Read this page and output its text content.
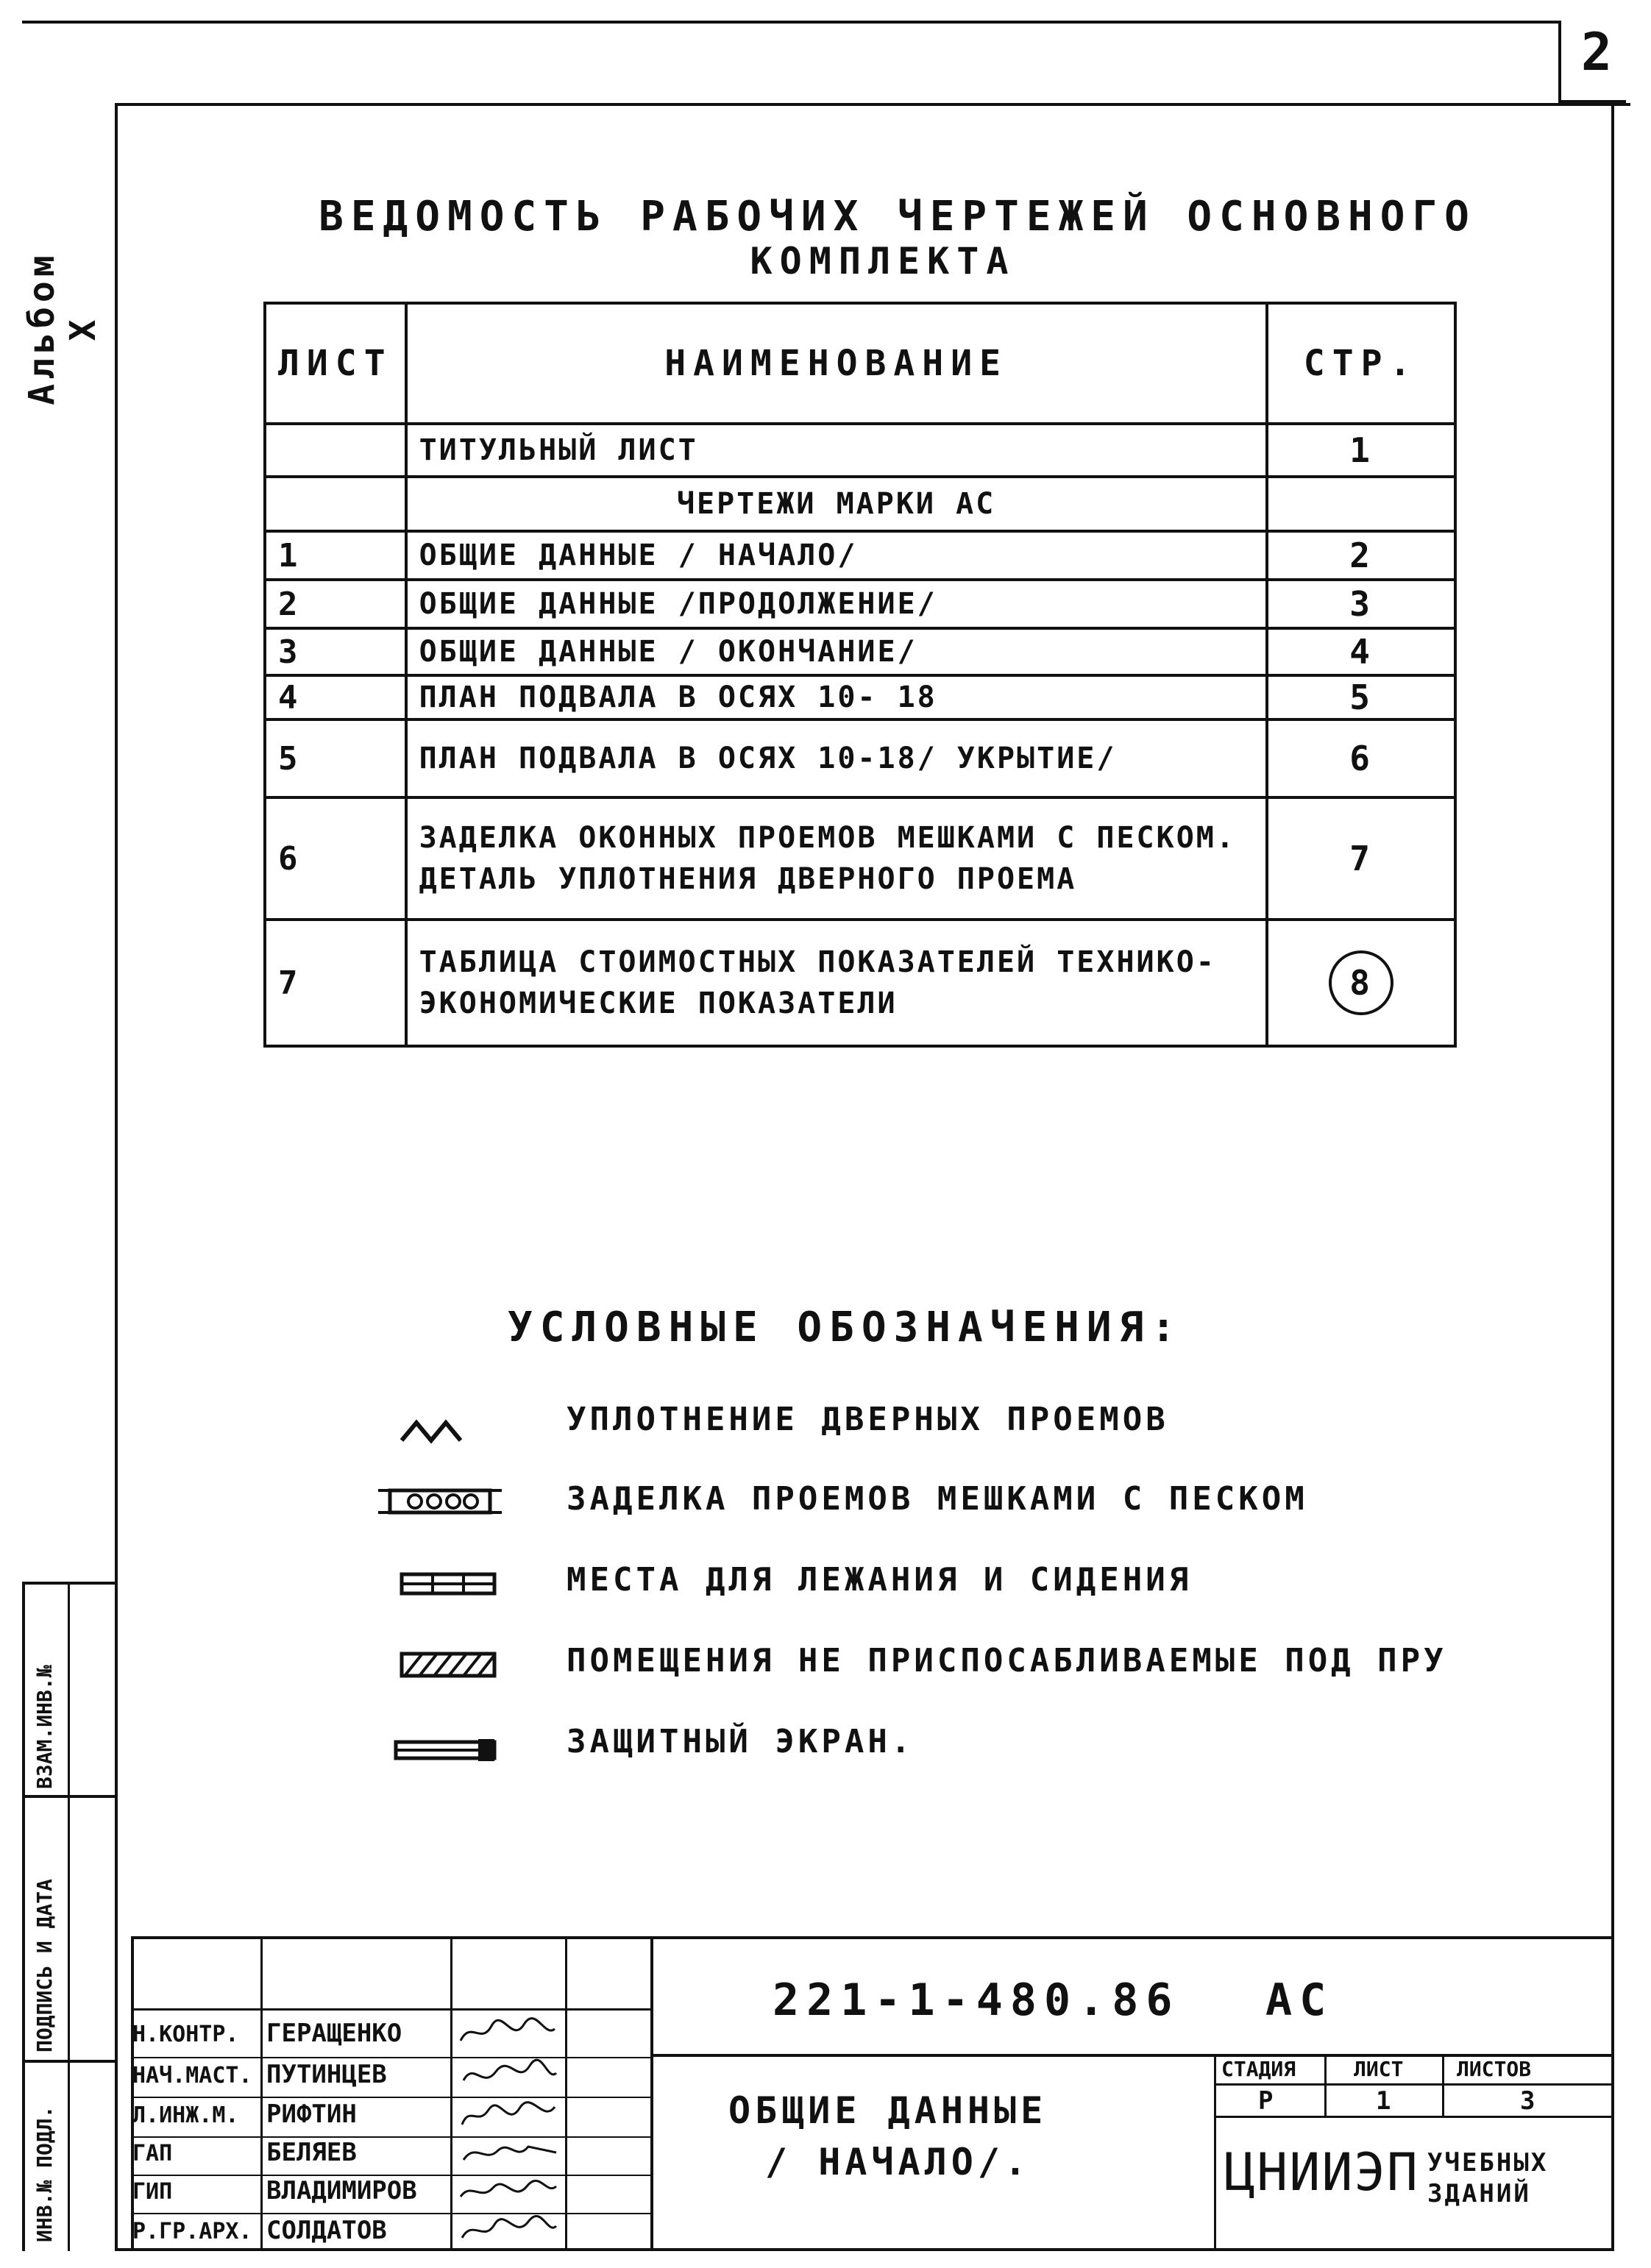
2
Альбом X
ВЕДОМОСТЬ РАБОЧИХ ЧЕРТЕЖЕЙ ОСНОВНОГО
КОМПЛЕКТА
ЛИСТ	НАИМЕНОВАНИЕ	СТР.
	ТИТУЛЬНЫЙ ЛИСТ	1
	ЧЕРТЕЖИ МАРКИ АС	
1	ОБЩИЕ ДАННЫЕ / НАЧАЛО/	2
2	ОБЩИЕ ДАННЫЕ /ПРОДОЛЖЕНИЕ/	3
3	ОБЩИЕ ДАННЫЕ / ОКОНЧАНИЕ/	4
4	ПЛАН ПОДВАЛА В ОСЯХ 10- 18	5
5	ПЛАН ПОДВАЛА В ОСЯХ 10-18/ УКРЫТИЕ/	6
6	ЗАДЕЛКА ОКОННЫХ ПРОЕМОВ МЕШКАМИ С ПЕСКОМ. ДЕТАЛЬ УПЛОТНЕНИЯ ДВЕРНОГО ПРОЕМА	7
7	ТАБЛИЦА СТОИМОСТНЫХ ПОКАЗАТЕЛЕЙ ТЕХНИКО-ЭКОНОМИЧЕСКИЕ ПОКАЗАТЕЛИ	8
УСЛОВНЫЕ ОБОЗНАЧЕНИЯ:
УПЛОТНЕНИЕ ДВЕРНЫХ ПРОЕМОВ
ЗАДЕЛКА ПРОЕМОВ МЕШКАМИ С ПЕСКОМ
МЕСТА ДЛЯ ЛЕЖАНИЯ И СИДЕНИЯ
ПОМЕЩЕНИЯ НЕ ПРИСПОСАБЛИВАЕМЫЕ ПОД ПРУ
ЗАЩИТНЫЙ ЭКРАН.
ИНВ.№ ПОДЛ.
ПОДПИСЬ И ДАТА
ВЗАМ.ИНВ.№
Н.КОНТР. ГЕРАЩЕНКО
НАЧ.МАСТ. ПУТИНЦЕВ
Л.ИНЖ.М. РИФТИН
ГАП	БЕЛЯЕВ
ГИП	ВЛАДИМИРОВ
Р.ГР.АРХ. СОЛДАТОВ
221-1-480.86 АС
ОБЩИЕ ДАННЫЕ
/ НАЧАЛО/.
СТАДИЯ	ЛИСТ	ЛИСТОВ
Р	1	3
ЦНИИЭП УЧЕБНЫХ
ЗДАНИЙ
